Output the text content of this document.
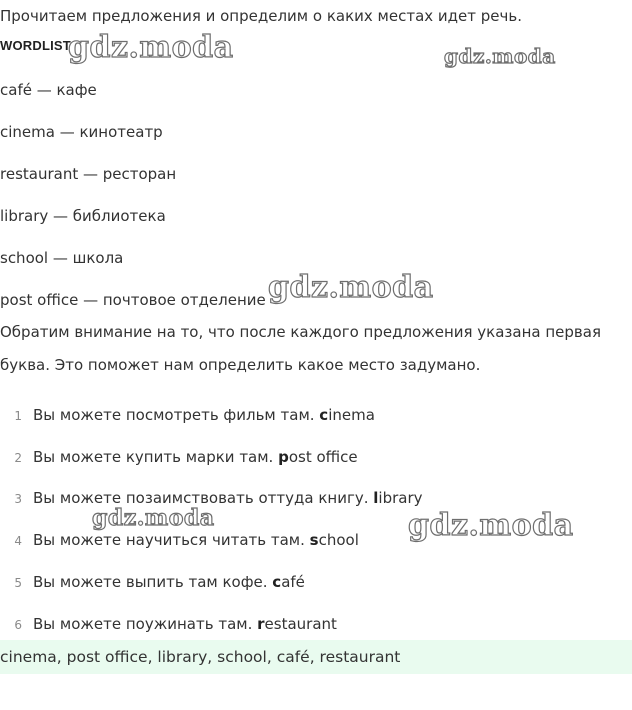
Прочитаем предложения и определим о каких местах идет речь.
WORDLIST
gdz.moda	gdz.moda
gdz.moda
gdz.moda	gdz.moda
café — кафе
cinema — кинотеатр
restaurant — ресторан
library — библиотека
school — школа
post office — почтовое отделение
Обратим внимание на то, что после каждого предложения указана первая
буква. Это поможет нам определить какое место задумано.
1 Вы можете посмотреть фильм там. cinema
2 Вы можете купить марки там. post office
3 Вы можете позаимствовать оттуда книгу. library
4 Вы можете научиться читать там. school
5 Вы можете выпить там кофе. café
6 Вы можете поужинать там. restaurant
cinema, post office, library, school, café, restaurant
